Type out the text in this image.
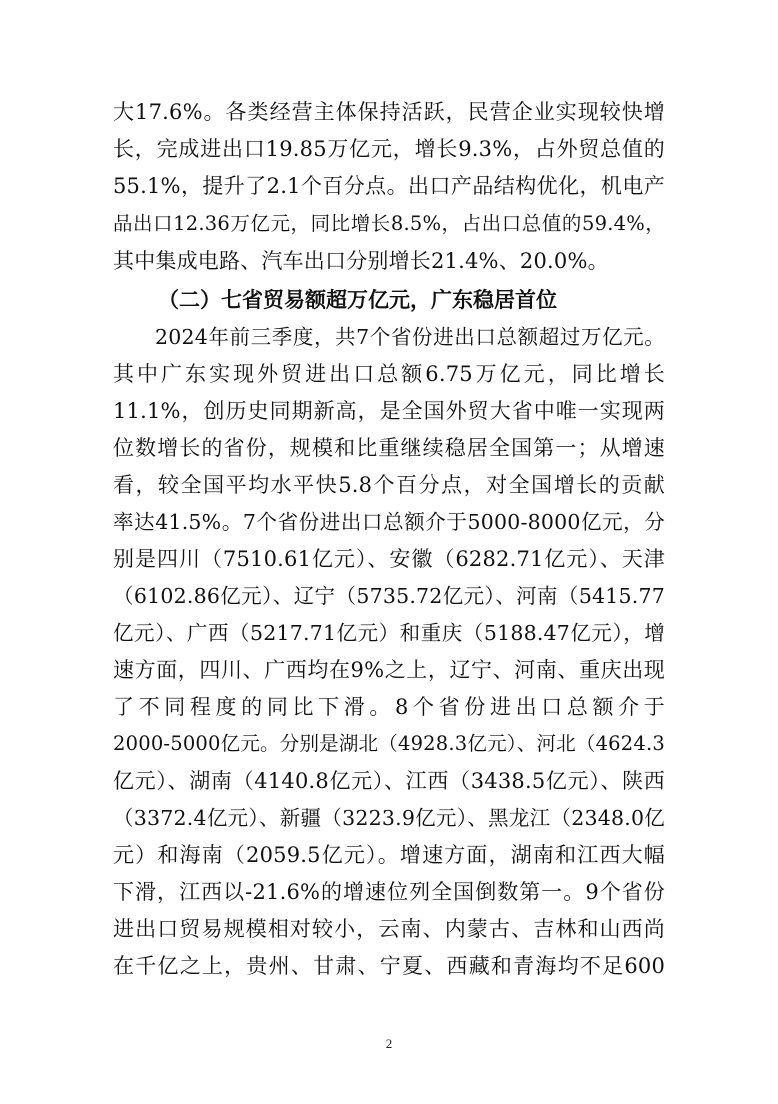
大17.6%。各类经营主体保持活跃，民营企业实现较快增
长，完成进出口19.85万亿元，增长9.3%，占外贸总值的
55.1%，提升了2.1个百分点。出口产品结构优化，机电产
品出口12.36万亿元，同比增长8.5%，占出口总值的59.4%，
其中集成电路、汽车出口分别增长21.4%、20.0%。
（二）七省贸易额超万亿元，广东稳居首位
2024年前三季度，共7个省份进出口总额超过万亿元。
其中广东实现外贸进出口总额6.75万亿元，同比增长
11.1%，创历史同期新高，是全国外贸大省中唯一实现两
位数增长的省份，规模和比重继续稳居全国第一；从增速
看，较全国平均水平快5.8个百分点，对全国增长的贡献
率达41.5%。7个省份进出口总额介于5000-8000亿元，分
别是四川（7510.61亿元）、安徽（6282.71亿元）、天津
（6102.86亿元）、辽宁（5735.72亿元）、河南（5415.77
亿元）、广西（5217.71亿元）和重庆（5188.47亿元），增
速方面，四川、广西均在9%之上，辽宁、河南、重庆出现
了不同程度的同比下滑。8个省份进出口总额介于
2000-5000亿元。分别是湖北（4928.3亿元）、河北（4624.3
亿元）、湖南（4140.8亿元）、江西（3438.5亿元）、陕西
（3372.4亿元）、新疆（3223.9亿元）、黑龙江（2348.0亿
元）和海南（2059.5亿元）。增速方面，湖南和江西大幅
下滑，江西以-21.6%的增速位列全国倒数第一。9个省份
进出口贸易规模相对较小，云南、内蒙古、吉林和山西尚
在千亿之上，贵州、甘肃、宁夏、西藏和青海均不足600
2
